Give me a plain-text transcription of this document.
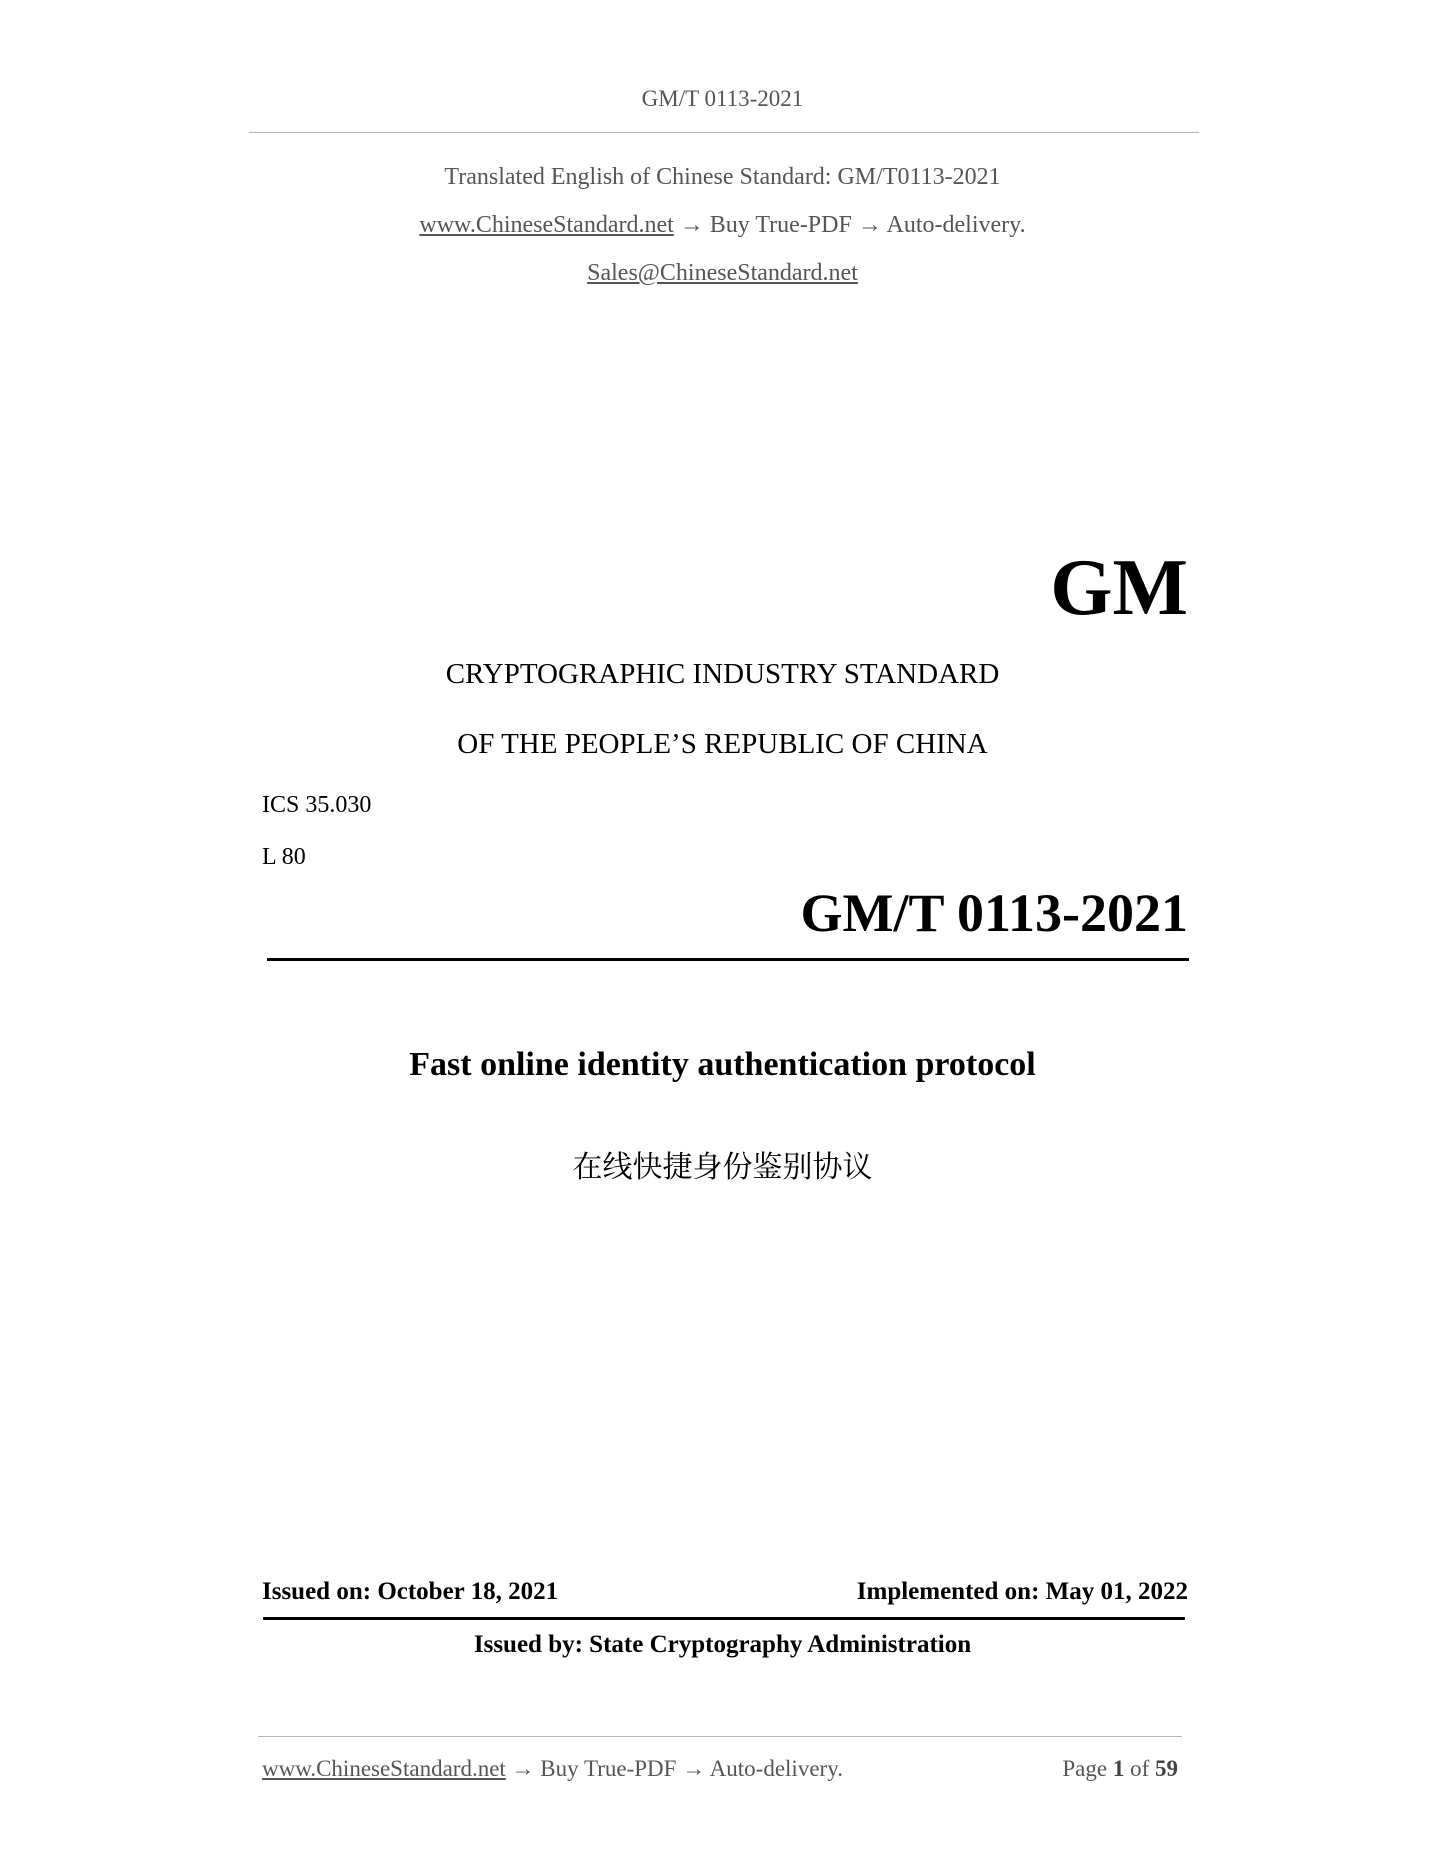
GM/T 0113-2021
Translated English of Chinese Standard: GM/T0113-2021
www.ChineseStandard.net → Buy True-PDF → Auto-delivery.
Sales@ChineseStandard.net
GM
CRYPTOGRAPHIC INDUSTRY STANDARD
OF THE PEOPLE’S REPUBLIC OF CHINA
ICS 35.030
L 80
GM/T 0113-2021
Fast online identity authentication protocol
在线快捷身份鉴别协议
Issued on: October 18, 2021	Implemented on: May 01, 2022
Issued by: State Cryptography Administration
www.ChineseStandard.net → Buy True-PDF → Auto-delivery.	Page 1 of 59
